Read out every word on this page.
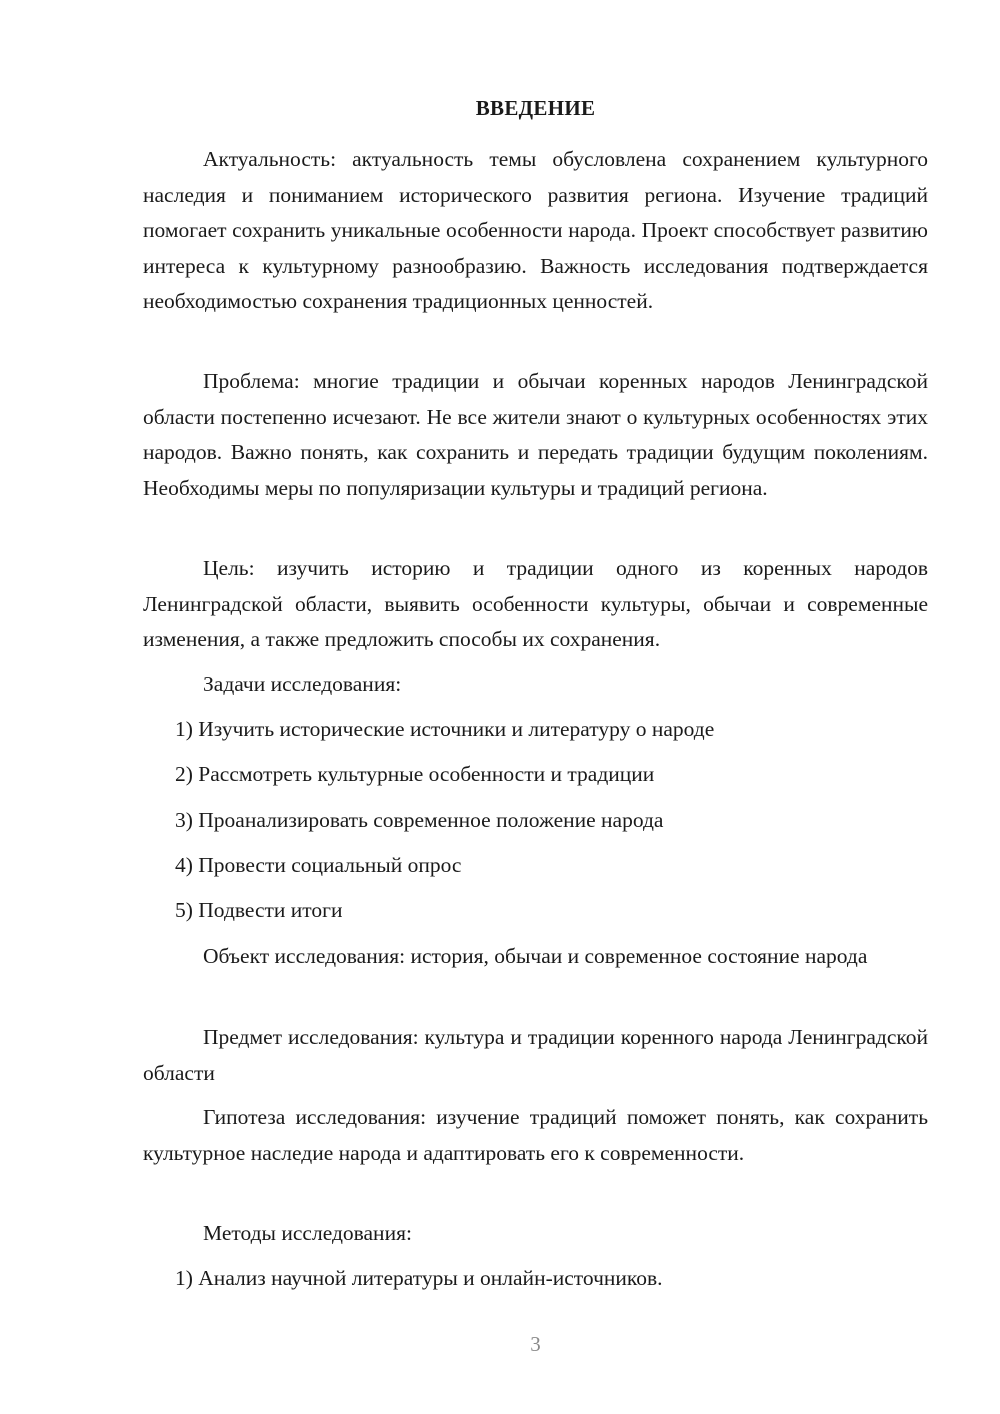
ВВЕДЕНИЕ

Актуальность: актуальность темы обусловлена сохранением культурного наследия и пониманием исторического развития региона. Изучение традиций помогает сохранить уникальные особенности народа. Проект способствует развитию интереса к культурному разнообразию. Важность исследования подтверждается необходимостью сохранения традиционных ценностей.

Проблема: многие традиции и обычаи коренных народов Ленинградской области постепенно исчезают. Не все жители знают о культурных особенностях этих народов. Важно понять, как сохранить и передать традиции будущим поколениям. Необходимы меры по популяризации культуры и традиций региона.

Цель: изучить историю и традиции одного из коренных народов Ленинградской области, выявить особенности культуры, обычаи и современные изменения, а также предложить способы их сохранения.

Задачи исследования:

1) Изучить исторические источники и литературу о народе

2) Рассмотреть культурные особенности и традиции

3) Проанализировать современное положение народа

4) Провести социальный опрос

5) Подвести итоги

Объект исследования: история, обычаи и современное состояние народа

Предмет исследования: культура и традиции коренного народа Ленинградской области

Гипотеза исследования: изучение традиций поможет понять, как сохранить культурное наследие народа и адаптировать его к современности.

Методы исследования:

1) Анализ научной литературы и онлайн-источников.

3
